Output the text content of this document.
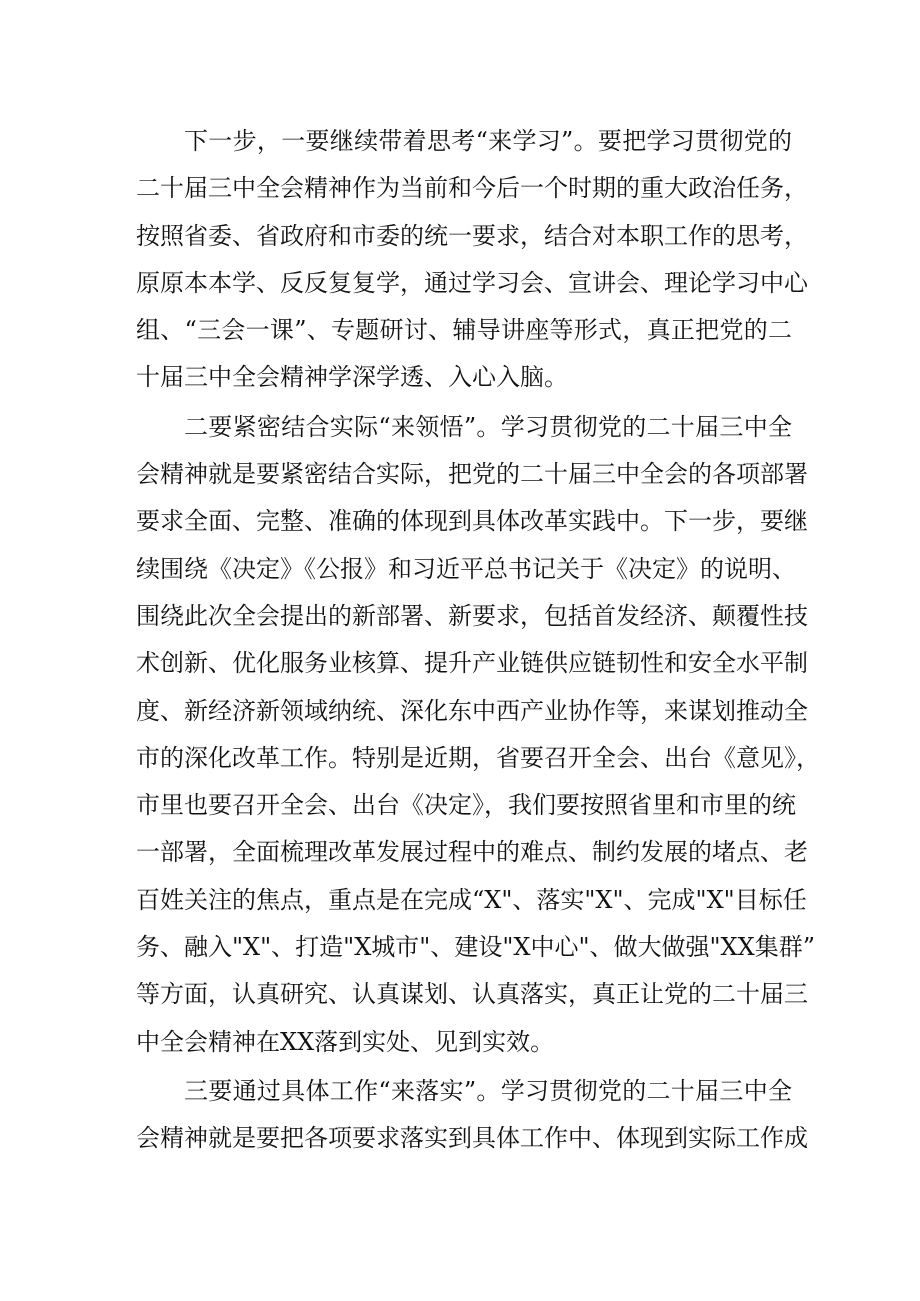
下一步，一要继续带着思考“来学习”。要把学习贯彻党的
二十届三中全会精神作为当前和今后一个时期的重大政治任务，
按照省委、省政府和市委的统一要求，结合对本职工作的思考，
原原本本学、反反复复学，通过学习会、宣讲会、理论学习中心
组、“三会一课”、专题研讨、辅导讲座等形式，真正把党的二
十届三中全会精神学深学透、入心入脑。
二要紧密结合实际“来领悟”。学习贯彻党的二十届三中全
会精神就是要紧密结合实际，把党的二十届三中全会的各项部署
要求全面、完整、准确的体现到具体改革实践中。下一步，要继
续围绕《决定》《公报》和习近平总书记关于《决定》的说明、
围绕此次全会提出的新部署、新要求，包括首发经济、颠覆性技
术创新、优化服务业核算、提升产业链供应链韧性和安全水平制
度、新经济新领域纳统、深化东中西产业协作等，来谋划推动全
市的深化改革工作。特别是近期，省要召开全会、出台《意见》，
市里也要召开全会、出台《决定》，我们要按照省里和市里的统
一部署，全面梳理改革发展过程中的难点、制约发展的堵点、老
百姓关注的焦点，重点是在完成“X"、落实"X"、完成"X"目标任
务、融入"X"、打造"X城市"、建设"X中心"、做大做强"XX集群”
等方面，认真研究、认真谋划、认真落实，真正让党的二十届三
中全会精神在XX落到实处、见到实效。
三要通过具体工作“来落实”。学习贯彻党的二十届三中全
会精神就是要把各项要求落实到具体工作中、体现到实际工作成
